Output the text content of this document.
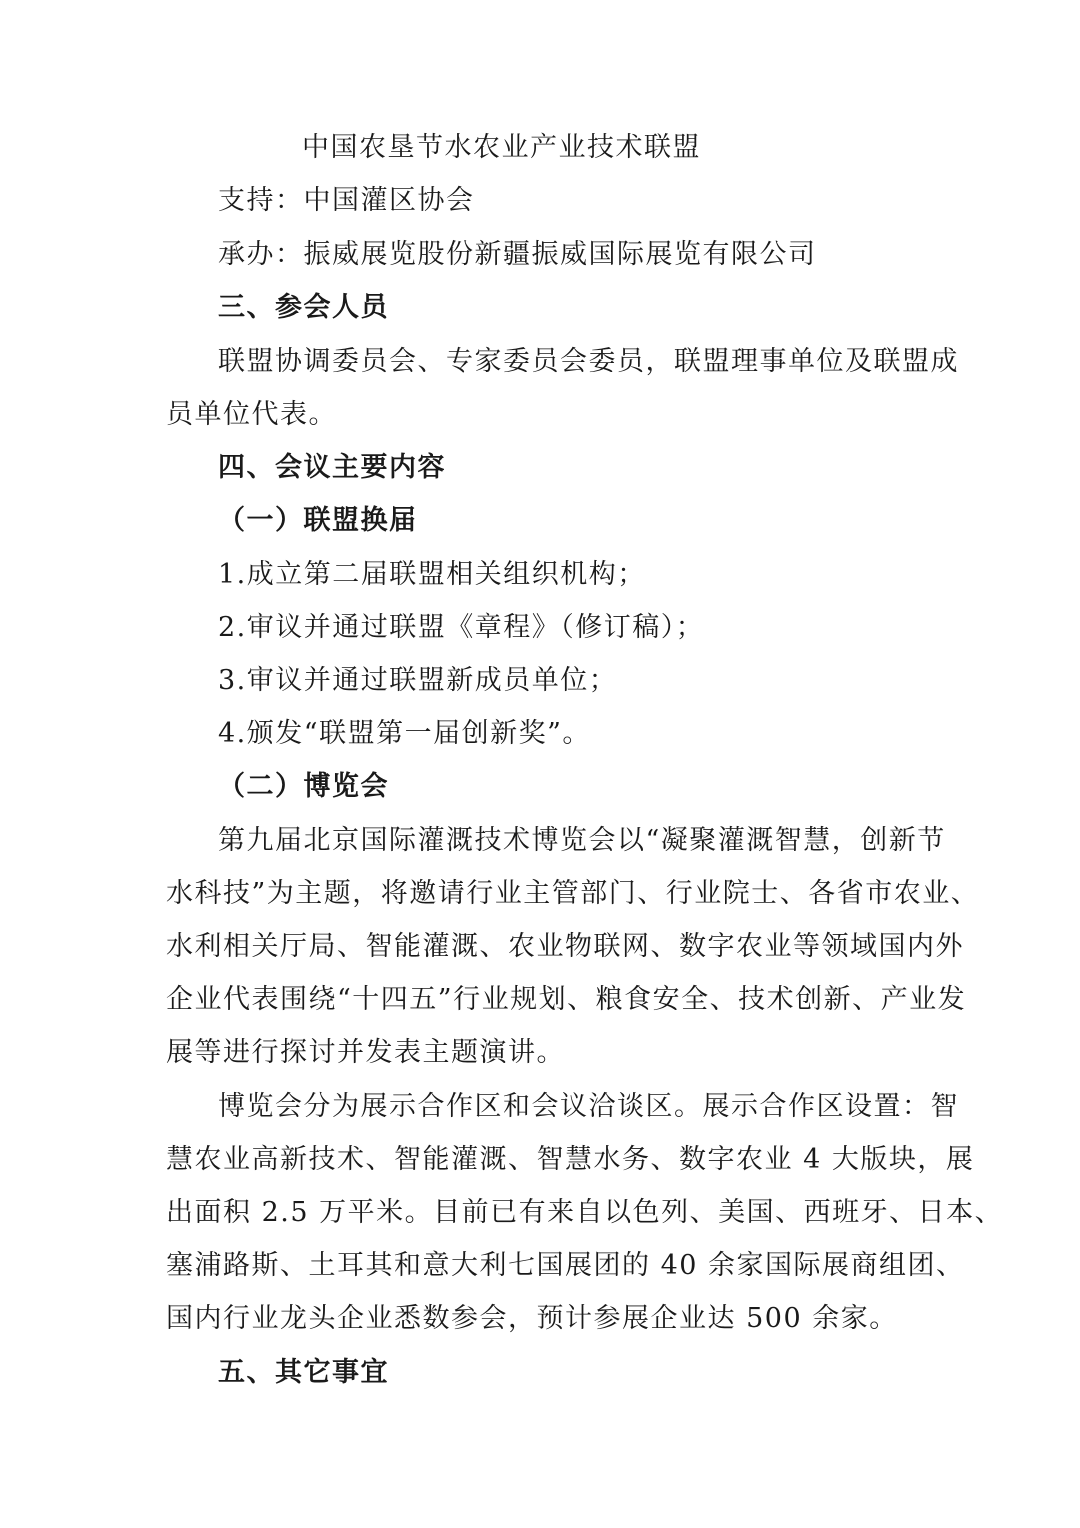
中国农垦节水农业产业技术联盟
支持：中国灌区协会
承办：振威展览股份新疆振威国际展览有限公司
三、参会人员
联盟协调委员会、专家委员会委员，联盟理事单位及联盟成
员单位代表。
四、会议主要内容
（一）联盟换届
1.成立第二届联盟相关组织机构；
2.审议并通过联盟《章程》（修订稿）；
3.审议并通过联盟新成员单位；
4.颁发“联盟第一届创新奖”。
（二）博览会
第九届北京国际灌溉技术博览会以“凝聚灌溉智慧，创新节
水科技”为主题，将邀请行业主管部门、行业院士、各省市农业、
水利相关厅局、智能灌溉、农业物联网、数字农业等领域国内外
企业代表围绕“十四五”行业规划、粮食安全、技术创新、产业发
展等进行探讨并发表主题演讲。
博览会分为展示合作区和会议洽谈区。展示合作区设置：智
慧农业高新技术、智能灌溉、智慧水务、数字农业 4 大版块，展
出面积 2.5 万平米。目前已有来自以色列、美国、西班牙、日本、
塞浦路斯、土耳其和意大利七国展团的 40 余家国际展商组团、
国内行业龙头企业悉数参会，预计参展企业达 500 余家。
五、其它事宜
